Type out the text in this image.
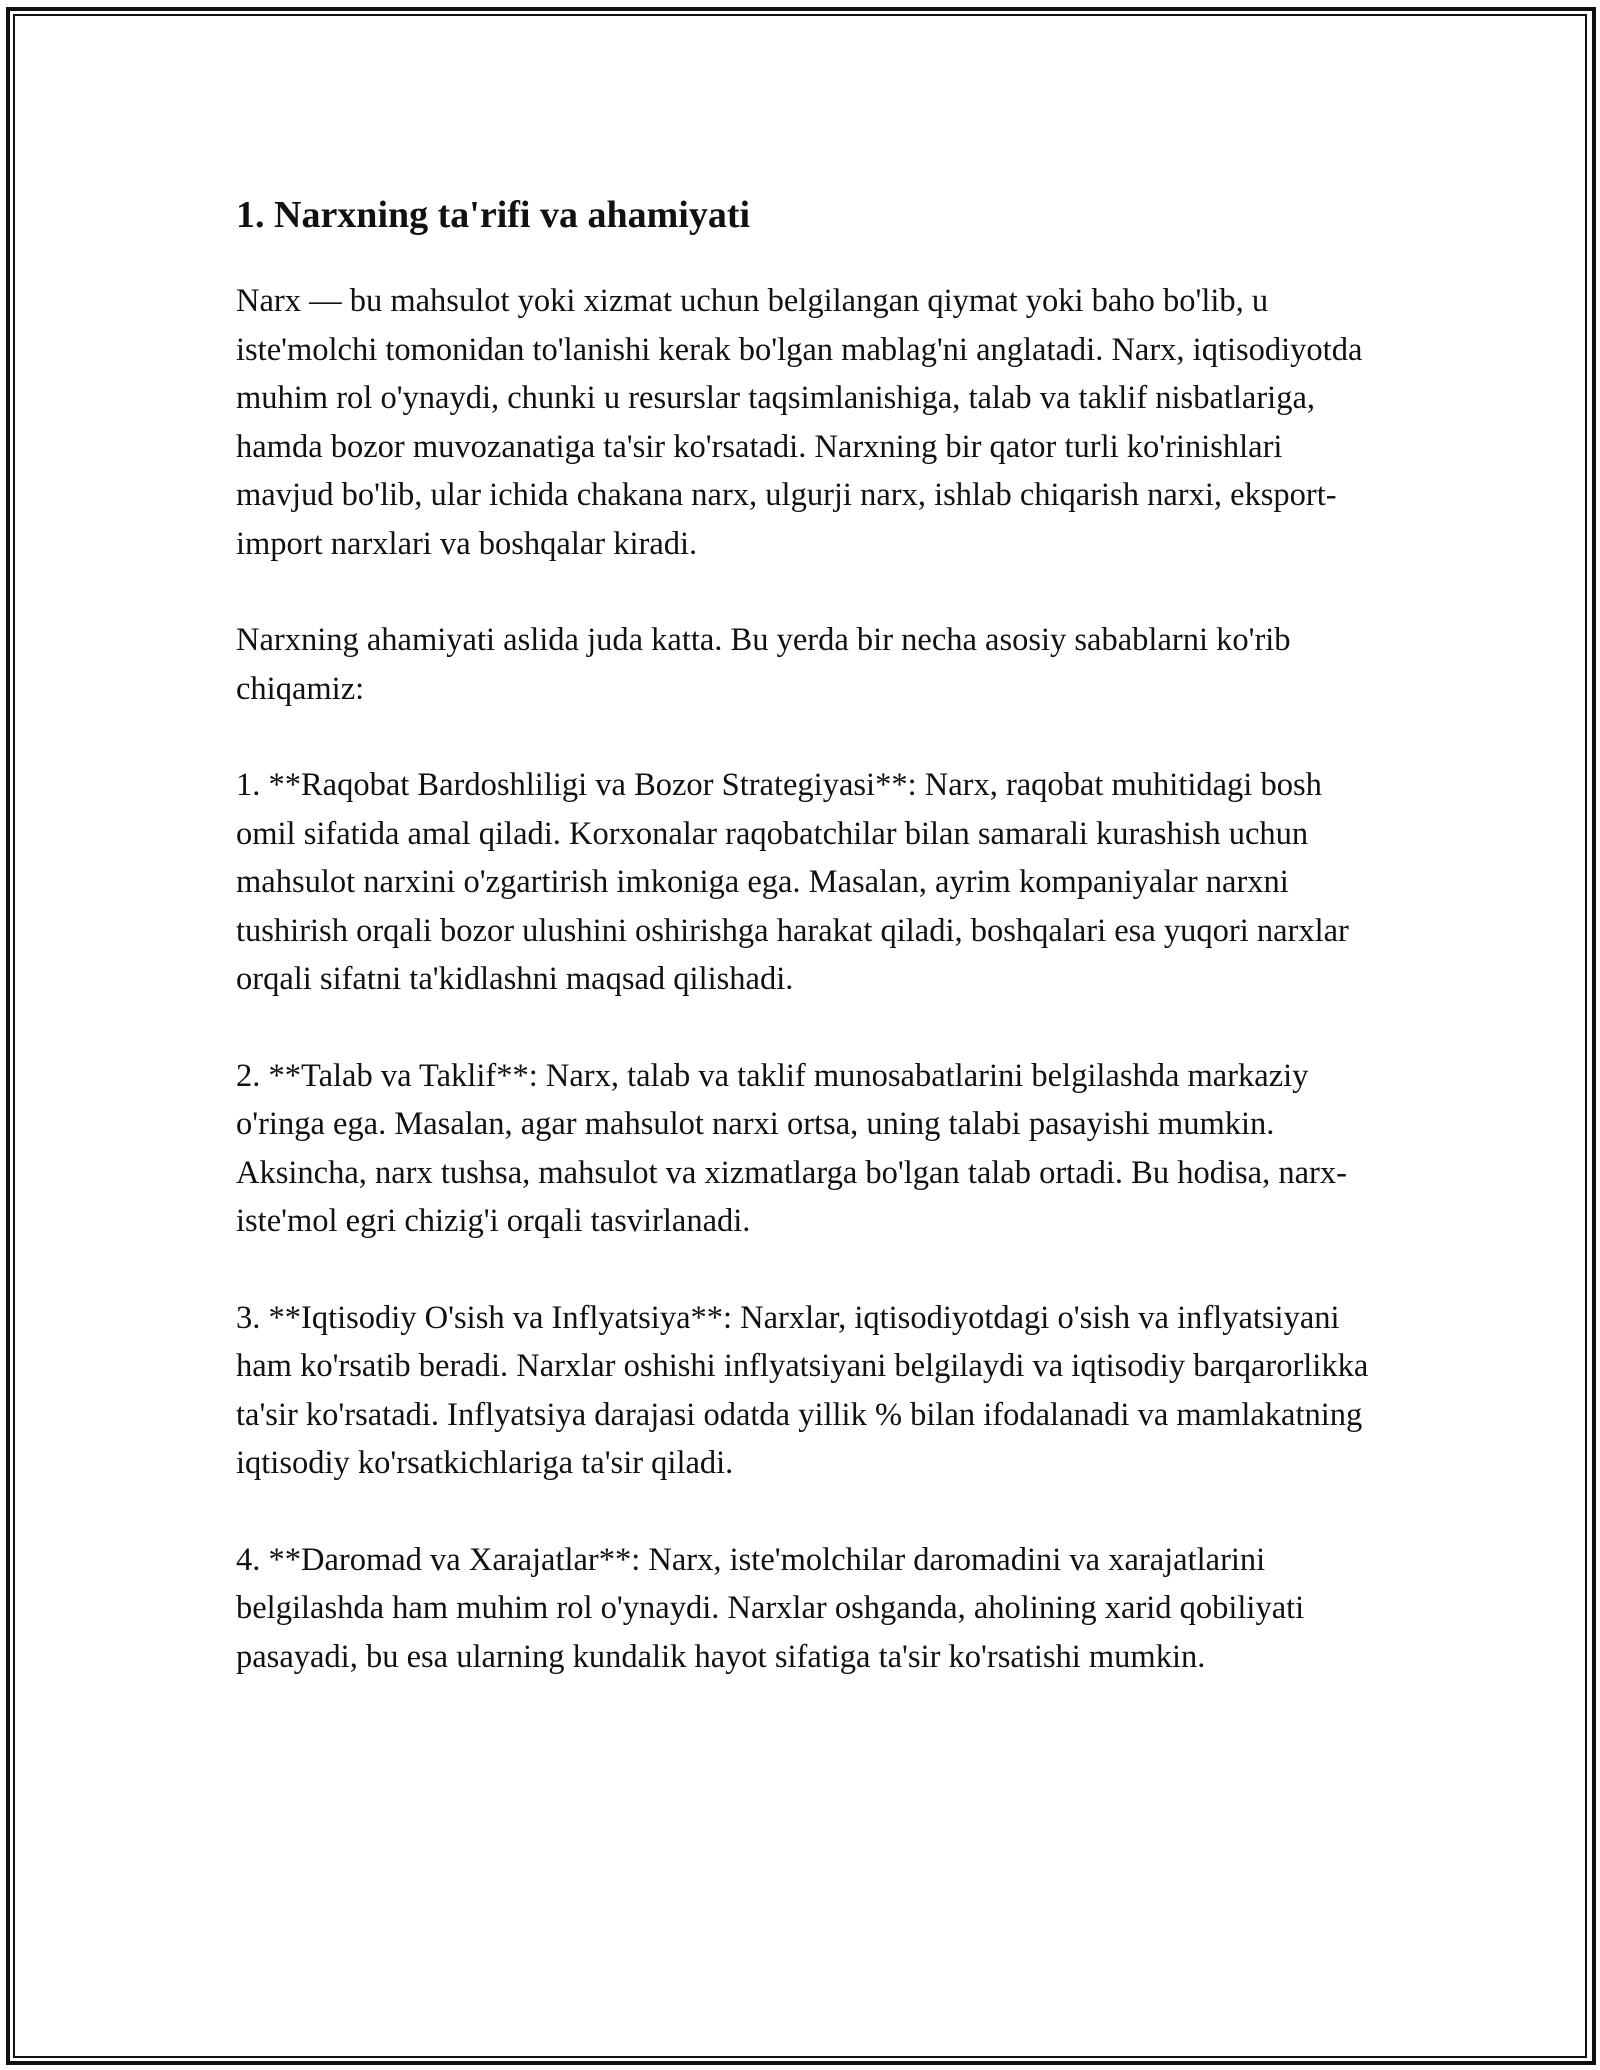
1. Narxning ta'rifi va ahamiyati

Narx — bu mahsulot yoki xizmat uchun belgilangan qiymat yoki baho bo'lib, u iste'molchi tomonidan to'lanishi kerak bo'lgan mablag'ni anglatadi. Narx, iqtisodiyotda muhim rol o'ynaydi, chunki u resurslar taqsimlanishiga, talab va taklif nisbatlariga, hamda bozor muvozanatiga ta'sir ko'rsatadi. Narxning bir qator turli ko'rinishlari mavjud bo'lib, ular ichida chakana narx, ulgurji narx, ishlab chiqarish narxi, eksport-import narxlari va boshqalar kiradi.

Narxning ahamiyati aslida juda katta. Bu yerda bir necha asosiy sabablarni ko'rib chiqamiz:

1. **Raqobat Bardoshliligi va Bozor Strategiyasi**: Narx, raqobat muhitidagi bosh omil sifatida amal qiladi. Korxonalar raqobatchilar bilan samarali kurashish uchun mahsulot narxini o'zgartirish imkoniga ega. Masalan, ayrim kompaniyalar narxni tushirish orqali bozor ulushini oshirishga harakat qiladi, boshqalari esa yuqori narxlar orqali sifatni ta'kidlashni maqsad qilishadi.

2. **Talab va Taklif**: Narx, talab va taklif munosabatlarini belgilashda markaziy o'ringa ega. Masalan, agar mahsulot narxi ortsa, uning talabi pasayishi mumkin. Aksincha, narx tushsa, mahsulot va xizmatlarga bo'lgan talab ortadi. Bu hodisa, narx-iste'mol egri chizig'i orqali tasvirlanadi.

3. **Iqtisodiy O'sish va Inflyatsiya**: Narxlar, iqtisodiyotdagi o'sish va inflyatsiyani ham ko'rsatib beradi. Narxlar oshishi inflyatsiyani belgilaydi va iqtisodiy barqarorlikka ta'sir ko'rsatadi. Inflyatsiya darajasi odatda yillik % bilan ifodalanadi va mamlakatning iqtisodiy ko'rsatkichlariga ta'sir qiladi.

4. **Daromad va Xarajatlar**: Narx, iste'molchilar daromadini va xarajatlarini belgilashda ham muhim rol o'ynaydi. Narxlar oshganda, aholining xarid qobiliyati pasayadi, bu esa ularning kundalik hayot sifatiga ta'sir ko'rsatishi mumkin.
